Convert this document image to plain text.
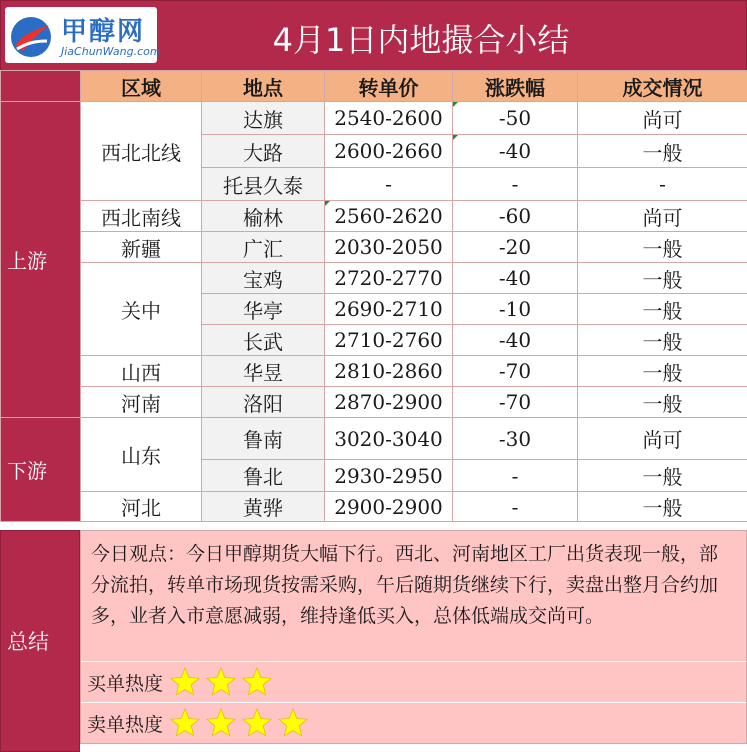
甲醇网
JiaChunWang.com	4月1日内地撮合小结
	区域	地点	转单价	涨跌幅	成交情况
上游	西北北线	达旗	2540-2600	-50	尚可
		大路	2600-2660	-40	一般
		托县久泰	-	-	-
	西北南线	榆林	2560-2620	-60	尚可
	新疆	广汇	2030-2050	-20	一般
	关中	宝鸡	2720-2770	-40	一般
		华亭	2690-2710	-10	一般
		长武	2710-2760	-40	一般
	山西	华昱	2810-2860	-70	一般
	河南	洛阳	2870-2900	-70	一般
下游	山东	鲁南	3020-3040	-30	尚可
		鲁北	2930-2950	-	一般
	河北	黄骅	2900-2900	-	一般
总结
今日观点：今日甲醇期货大幅下行。西北、河南地区工厂出货表现一般，部分流拍，转单市场现货按需采购，午后随期货继续下行，卖盘出整月合约加多，业者入市意愿减弱，维持逢低买入，总体低端成交尚可。
买单热度
卖单热度
